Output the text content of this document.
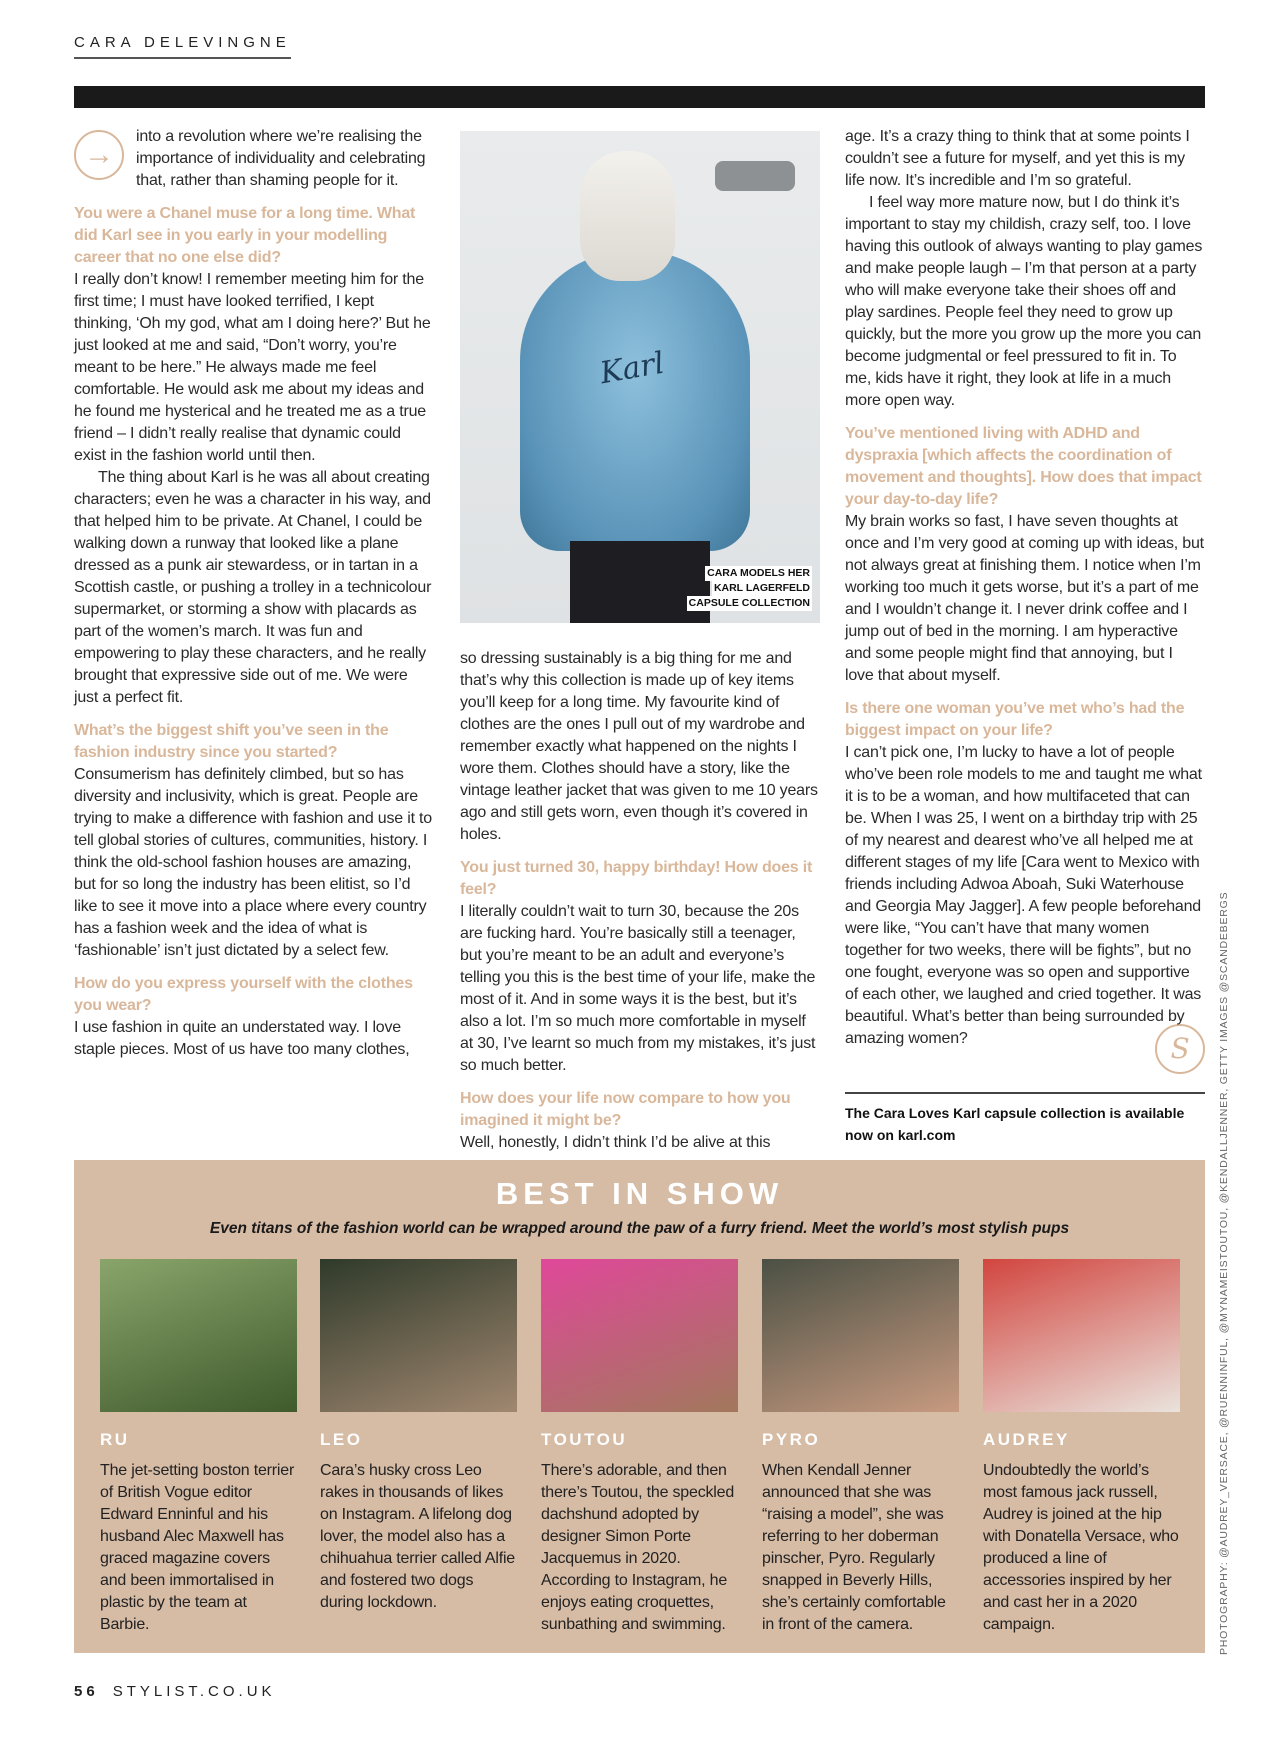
CARA DELEVINGNE

→
into a revolution where we’re realising the importance of individuality and celebrating that, rather than shaming people for it.

You were a Chanel muse for a long time. What did Karl see in you early in your modelling career that no one else did?

I really don’t know! I remember meeting him for the first time; I must have looked terrified, I kept thinking, ‘Oh my god, what am I doing here?’ But he just looked at me and said, “Don’t worry, you’re meant to be here.” He always made me feel comfortable. He would ask me about my ideas and he found me hysterical and he treated me as a true friend – I didn’t really realise that dynamic could exist in the fashion world until then.

The thing about Karl is he was all about creating characters; even he was a character in his way, and that helped him to be private. At Chanel, I could be walking down a runway that looked like a plane dressed as a punk air stewardess, or in tartan in a Scottish castle, or pushing a trolley in a technicolour supermarket, or storming a show with placards as part of the women’s march. It was fun and empowering to play these characters, and he really brought that expressive side out of me. We were just a perfect fit.

What’s the biggest shift you’ve seen in the fashion industry since you started?

Consumerism has definitely climbed, but so has diversity and inclusivity, which is great. People are trying to make a difference with fashion and use it to tell global stories of cultures, communities, history. I think the old-school fashion houses are amazing, but for so long the industry has been elitist, so I’d like to see it move into a place where every country has a fashion week and the idea of what is ‘fashionable’ isn’t just dictated by a select few.

How do you express yourself with the clothes you wear?

I use fashion in quite an understated way. I love staple pieces. Most of us have too many clothes,

Karl
CARA MODELS HER
KARL LAGERFELD
CAPSULE COLLECTION

so dressing sustainably is a big thing for me and that’s why this collection is made up of key items you’ll keep for a long time. My favourite kind of clothes are the ones I pull out of my wardrobe and remember exactly what happened on the nights I wore them. Clothes should have a story, like the vintage leather jacket that was given to me 10 years ago and still gets worn, even though it’s covered in holes.

You just turned 30, happy birthday! How does it feel?

I literally couldn’t wait to turn 30, because the 20s are fucking hard. You’re basically still a teenager, but you’re meant to be an adult and everyone’s telling you this is the best time of your life, make the most of it. And in some ways it is the best, but it’s also a lot. I’m so much more comfortable in myself at 30, I’ve learnt so much from my mistakes, it’s just so much better.

How does your life now compare to how you imagined it might be?

Well, honestly, I didn’t think I’d be alive at this

age. It’s a crazy thing to think that at some points I couldn’t see a future for myself, and yet this is my life now. It’s incredible and I’m so grateful.

I feel way more mature now, but I do think it’s important to stay my childish, crazy self, too. I love having this outlook of always wanting to play games and make people laugh – I’m that person at a party who will make everyone take their shoes off and play sardines. People feel they need to grow up quickly, but the more you grow up the more you can become judgmental or feel pressured to fit in. To me, kids have it right, they look at life in a much more open way.

You’ve mentioned living with ADHD and dyspraxia [which affects the coordination of movement and thoughts]. How does that impact your day-to-day life?

My brain works so fast, I have seven thoughts at once and I’m very good at coming up with ideas, but not always great at finishing them. I notice when I’m working too much it gets worse, but it’s a part of me and I wouldn’t change it. I never drink coffee and I jump out of bed in the morning. I am hyperactive and some people might find that annoying, but I love that about myself.

Is there one woman you’ve met who’s had the biggest impact on your life?

I can’t pick one, I’m lucky to have a lot of people who’ve been role models to me and taught me what it is to be a woman, and how multifaceted that can be. When I was 25, I went on a birthday trip with 25 of my nearest and dearest who’ve all helped me at different stages of my life [Cara went to Mexico with friends including Adwoa Aboah, Suki Waterhouse and Georgia May Jagger]. A few people beforehand were like, “You can’t have that many women together for two weeks, there will be fights”, but no one fought, everyone was so open and supportive of each other, we laughed and cried together. It was beautiful. What’s better than being surrounded by amazing women?	S

The Cara Loves Karl capsule collection is available now on karl.com
BEST IN SHOW
Even titans of the fashion world can be wrapped around the paw of a furry friend. Meet the world’s most stylish pups
RU
The jet-setting boston terrier of British Vogue editor Edward Enninful and his husband Alec Maxwell has graced magazine covers and been immortalised in plastic by the team at Barbie.
LEO
Cara’s husky cross Leo rakes in thousands of likes on Instagram. A lifelong dog lover, the model also has a chihuahua terrier called Alfie and fostered two dogs during lockdown.
TOUTOU
There’s adorable, and then there’s Toutou, the speckled dachshund adopted by designer Simon Porte Jacquemus in 2020. According to Instagram, he enjoys eating croquettes, sunbathing and swimming.
PYRO
When Kendall Jenner announced that she was “raising a model”, she was referring to her doberman pinscher, Pyro. Regularly snapped in Beverly Hills, she’s certainly comfortable in front of the camera.
AUDREY
Undoubtedly the world’s most famous jack russell, Audrey is joined at the hip with Donatella Versace, who produced a line of accessories inspired by her and cast her in a 2020 campaign.	PHOTOGRAPHY: @AUDREY_VERSACE, @RUENNINFUL, @MYNAMEISTOUTOU, @KENDALLJENNER, GETTY IMAGES @SCANDEBERGS
56 STYLIST.CO.UK
